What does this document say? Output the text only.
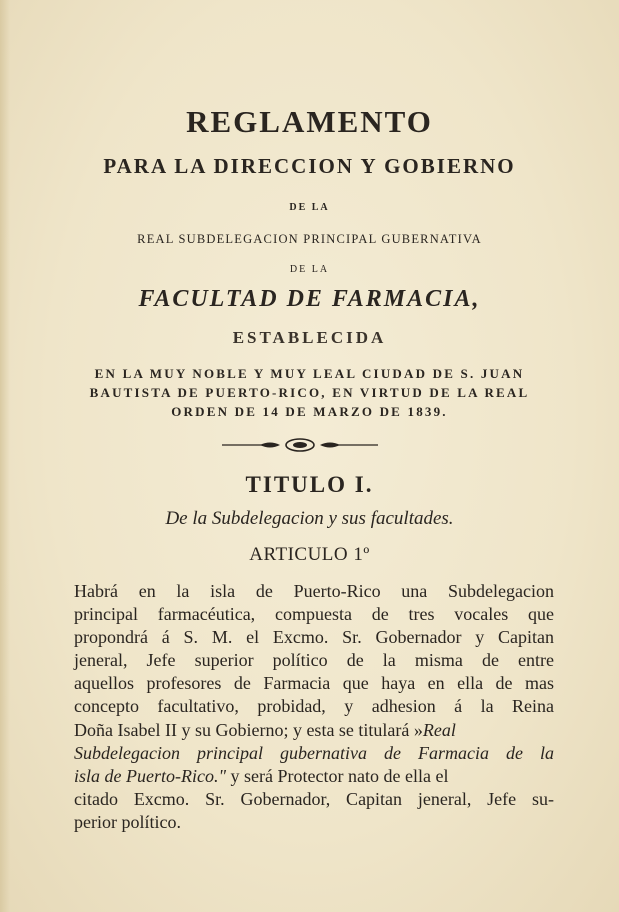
REGLAMENTO
PARA LA DIRECCION Y GOBIERNO
DE LA
REAL SUBDELEGACION PRINCIPAL GUBERNATIVA
DE LA
FACULTAD DE FARMACIA,
ESTABLECIDA
EN LA MUY NOBLE Y MUY LEAL CIUDAD DE S. JUAN
BAUTISTA DE PUERTO-RICO, EN VIRTUD DE LA REAL
ORDEN DE 14 DE MARZO DE 1839.
TITULO I.
De la Subdelegacion y sus facultades.
ARTICULO 1º
Habrá en la isla de Puerto-Rico una Subdelegacion
principal farmacéutica, compuesta de tres vocales que
propondrá á S. M. el Excmo. Sr. Gobernador y Capitan
jeneral, Jefe superior político de la misma de entre
aquellos profesores de Farmacia que haya en ella de mas
concepto facultativo, probidad, y adhesion á la Reina
Doña Isabel II y su Gobierno; y esta se titulará »Real
Subdelegacion principal gubernativa de Farmacia de la
isla de Puerto-Rico." y será Protector nato de ella el
citado Excmo. Sr. Gobernador, Capitan jeneral, Jefe su-
perior político.
